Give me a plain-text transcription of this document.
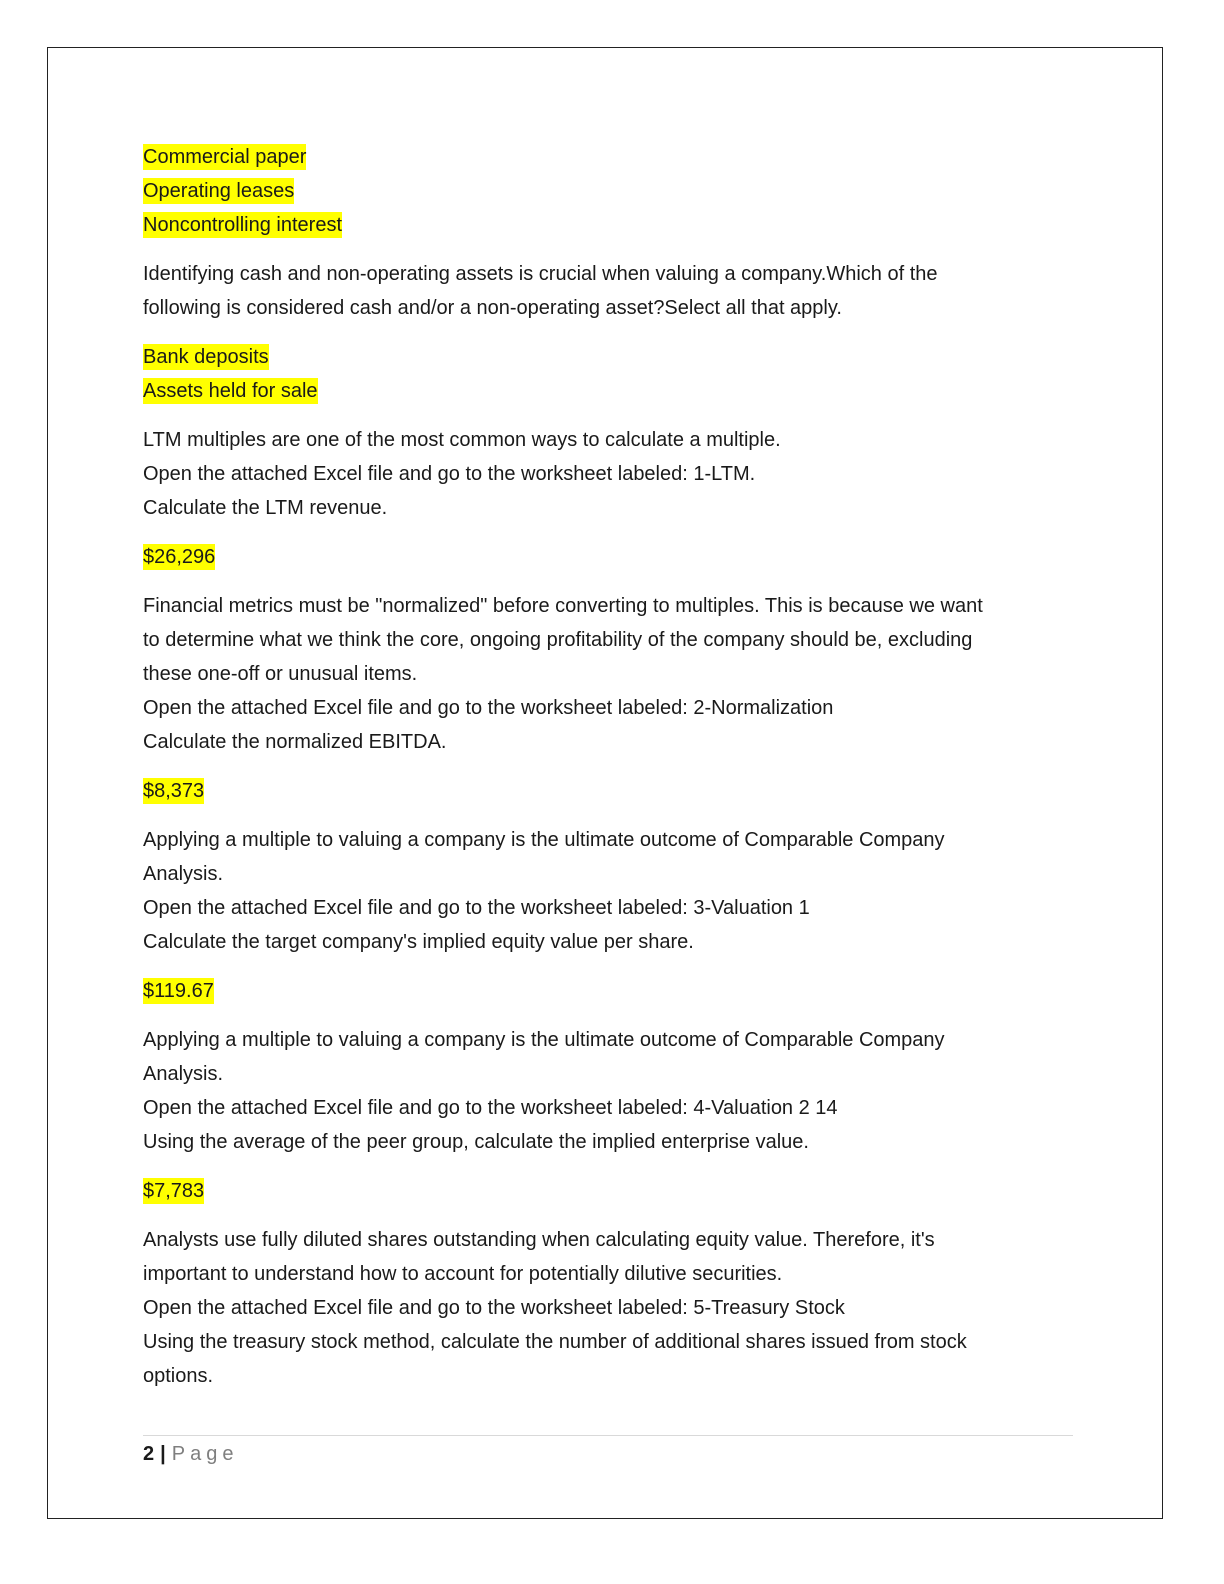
Commercial paper
Operating leases
Noncontrolling interest
Identifying cash and non-operating assets is crucial when valuing a company.Which of the
following is considered cash and/or a non-operating asset?Select all that apply.
Bank deposits
Assets held for sale
LTM multiples are one of the most common ways to calculate a multiple.
Open the attached Excel file and go to the worksheet labeled: 1-LTM.
Calculate the LTM revenue.
$26,296
Financial metrics must be "normalized" before converting to multiples. This is because we want
to determine what we think the core, ongoing profitability of the company should be, excluding
these one-off or unusual items.
Open the attached Excel file and go to the worksheet labeled: 2-Normalization
Calculate the normalized EBITDA.
$8,373
Applying a multiple to valuing a company is the ultimate outcome of Comparable Company
Analysis.
Open the attached Excel file and go to the worksheet labeled: 3-Valuation 1
Calculate the target company's implied equity value per share.
$119.67
Applying a multiple to valuing a company is the ultimate outcome of Comparable Company
Analysis.
Open the attached Excel file and go to the worksheet labeled: 4-Valuation 2 14
Using the average of the peer group, calculate the implied enterprise value.
$7,783
Analysts use fully diluted shares outstanding when calculating equity value. Therefore, it's
important to understand how to account for potentially dilutive securities.
Open the attached Excel file and go to the worksheet labeled: 5-Treasury Stock
Using the treasury stock method, calculate the number of additional shares issued from stock
options.
2 | Page
